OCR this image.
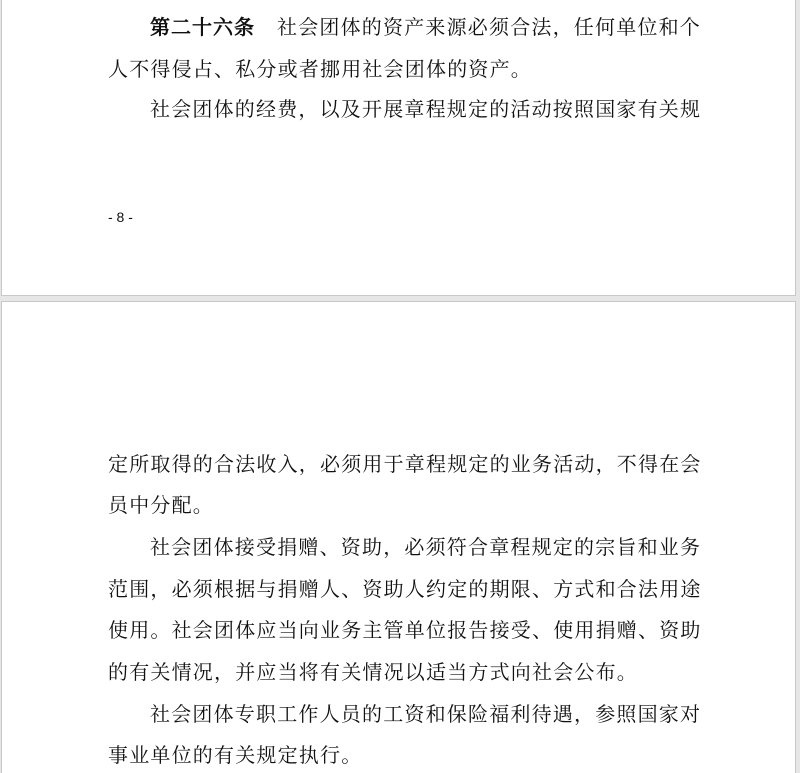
第二十六条 社会团体的资产来源必须合法，任何单位和个
人不得侵占、私分或者挪用社会团体的资产。
社会团体的经费，以及开展章程规定的活动按照国家有关规
- 8 -
定所取得的合法收入，必须用于章程规定的业务活动，不得在会
员中分配。
社会团体接受捐赠、资助，必须符合章程规定的宗旨和业务
范围，必须根据与捐赠人、资助人约定的期限、方式和合法用途
使用。社会团体应当向业务主管单位报告接受、使用捐赠、资助
的有关情况，并应当将有关情况以适当方式向社会公布。
社会团体专职工作人员的工资和保险福利待遇，参照国家对
事业单位的有关规定执行。
